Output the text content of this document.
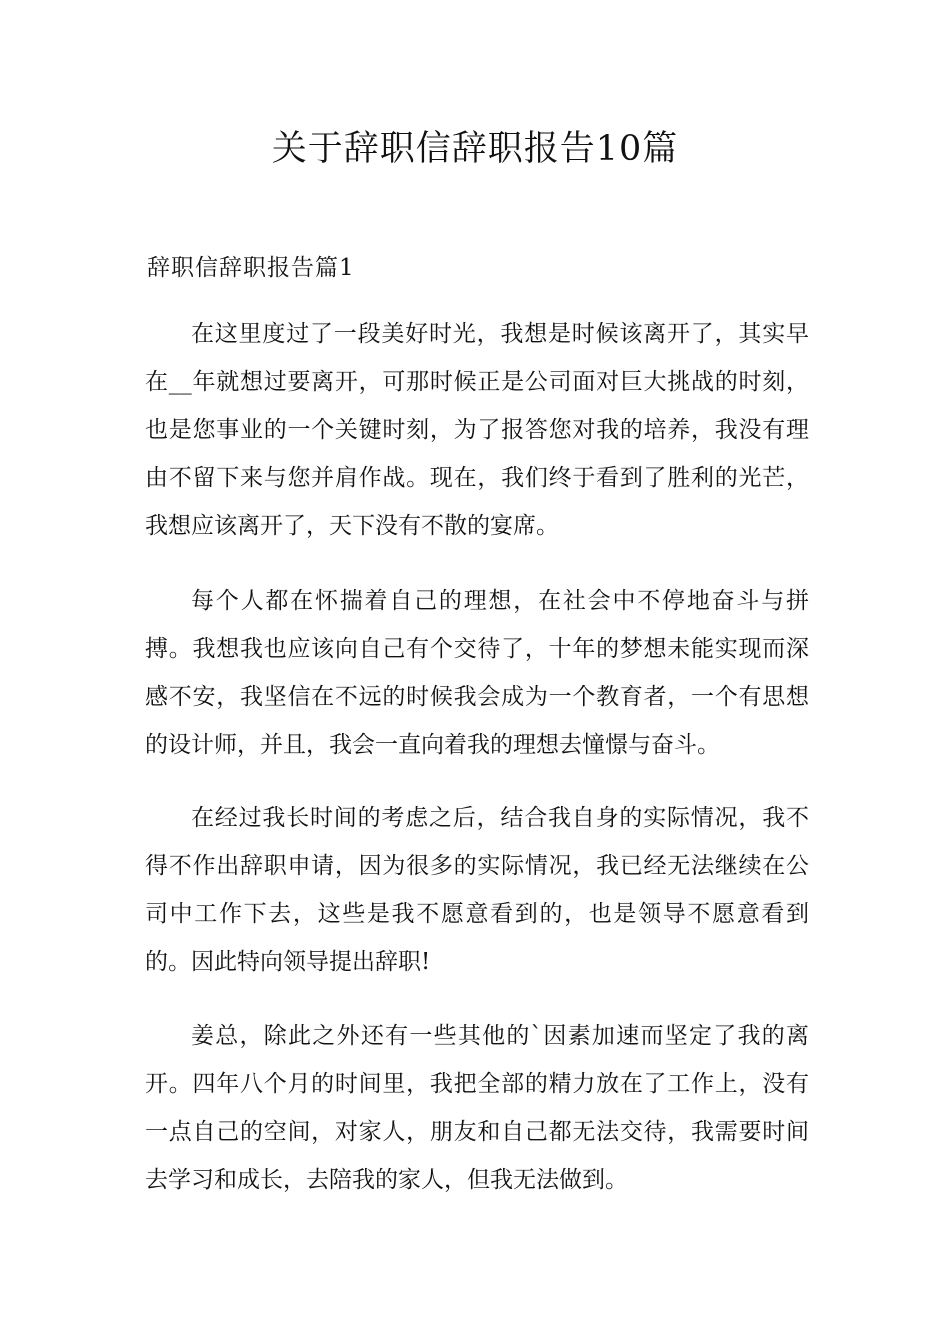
关于辞职信辞职报告10篇
辞职信辞职报告篇1

在这里度过了一段美好时光，我想是时候该离开了，其实早在__年就想过要离开，可那时候正是公司面对巨大挑战的时刻，也是您事业的一个关键时刻，为了报答您对我的培养，我没有理由不留下来与您并肩作战。现在，我们终于看到了胜利的光芒，我想应该离开了，天下没有不散的宴席。

每个人都在怀揣着自己的理想，在社会中不停地奋斗与拼搏。我想我也应该向自己有个交待了，十年的梦想未能实现而深感不安，我坚信在不远的时候我会成为一个教育者，一个有思想的设计师，并且，我会一直向着我的理想去憧憬与奋斗。

在经过我长时间的考虑之后，结合我自身的实际情况，我不得不作出辞职申请，因为很多的实际情况，我已经无法继续在公司中工作下去，这些是我不愿意看到的，也是领导不愿意看到的。因此特向领导提出辞职!

姜总，除此之外还有一些其他的`因素加速而坚定了我的离开。四年八个月的时间里，我把全部的精力放在了工作上，没有一点自己的空间，对家人，朋友和自己都无法交待，我需要时间去学习和成长，去陪我的家人，但我无法做到。
